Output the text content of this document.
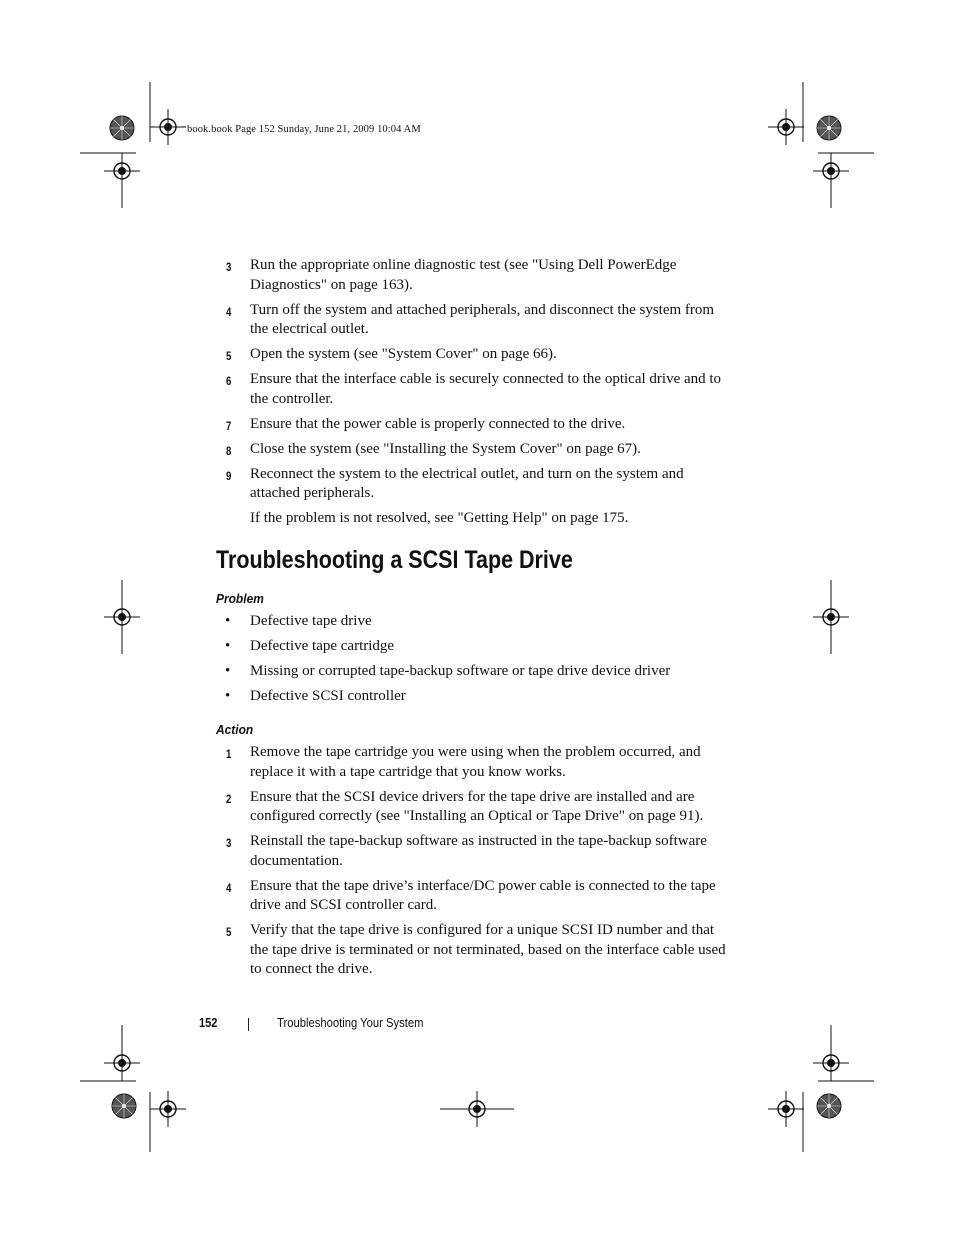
book.book Page 152 Sunday, June 21, 2009 10:04 AM
3 Run the appropriate online diagnostic test (see "Using Dell PowerEdge Diagnostics" on page 163).
4 Turn off the system and attached peripherals, and disconnect the system from the electrical outlet.
5 Open the system (see "System Cover" on page 66).
6 Ensure that the interface cable is securely connected to the optical drive and to the controller.
7 Ensure that the power cable is properly connected to the drive.
8 Close the system (see "Installing the System Cover" on page 67).
9 Reconnect the system to the electrical outlet, and turn on the system and attached peripherals.
If the problem is not resolved, see "Getting Help" on page 175.
Troubleshooting a SCSI Tape Drive
Problem
• Defective tape drive
• Defective tape cartridge
• Missing or corrupted tape-backup software or tape drive device driver
• Defective SCSI controller
Action
1 Remove the tape cartridge you were using when the problem occurred, and replace it with a tape cartridge that you know works.
2 Ensure that the SCSI device drivers for the tape drive are installed and are configured correctly (see "Installing an Optical or Tape Drive" on page 91).
3 Reinstall the tape-backup software as instructed in the tape-backup software documentation.
4 Ensure that the tape drive’s interface/DC power cable is connected to the tape drive and SCSI controller card.
5 Verify that the tape drive is configured for a unique SCSI ID number and that the tape drive is terminated or not terminated, based on the interface cable used to connect the drive.
152	Troubleshooting Your System
